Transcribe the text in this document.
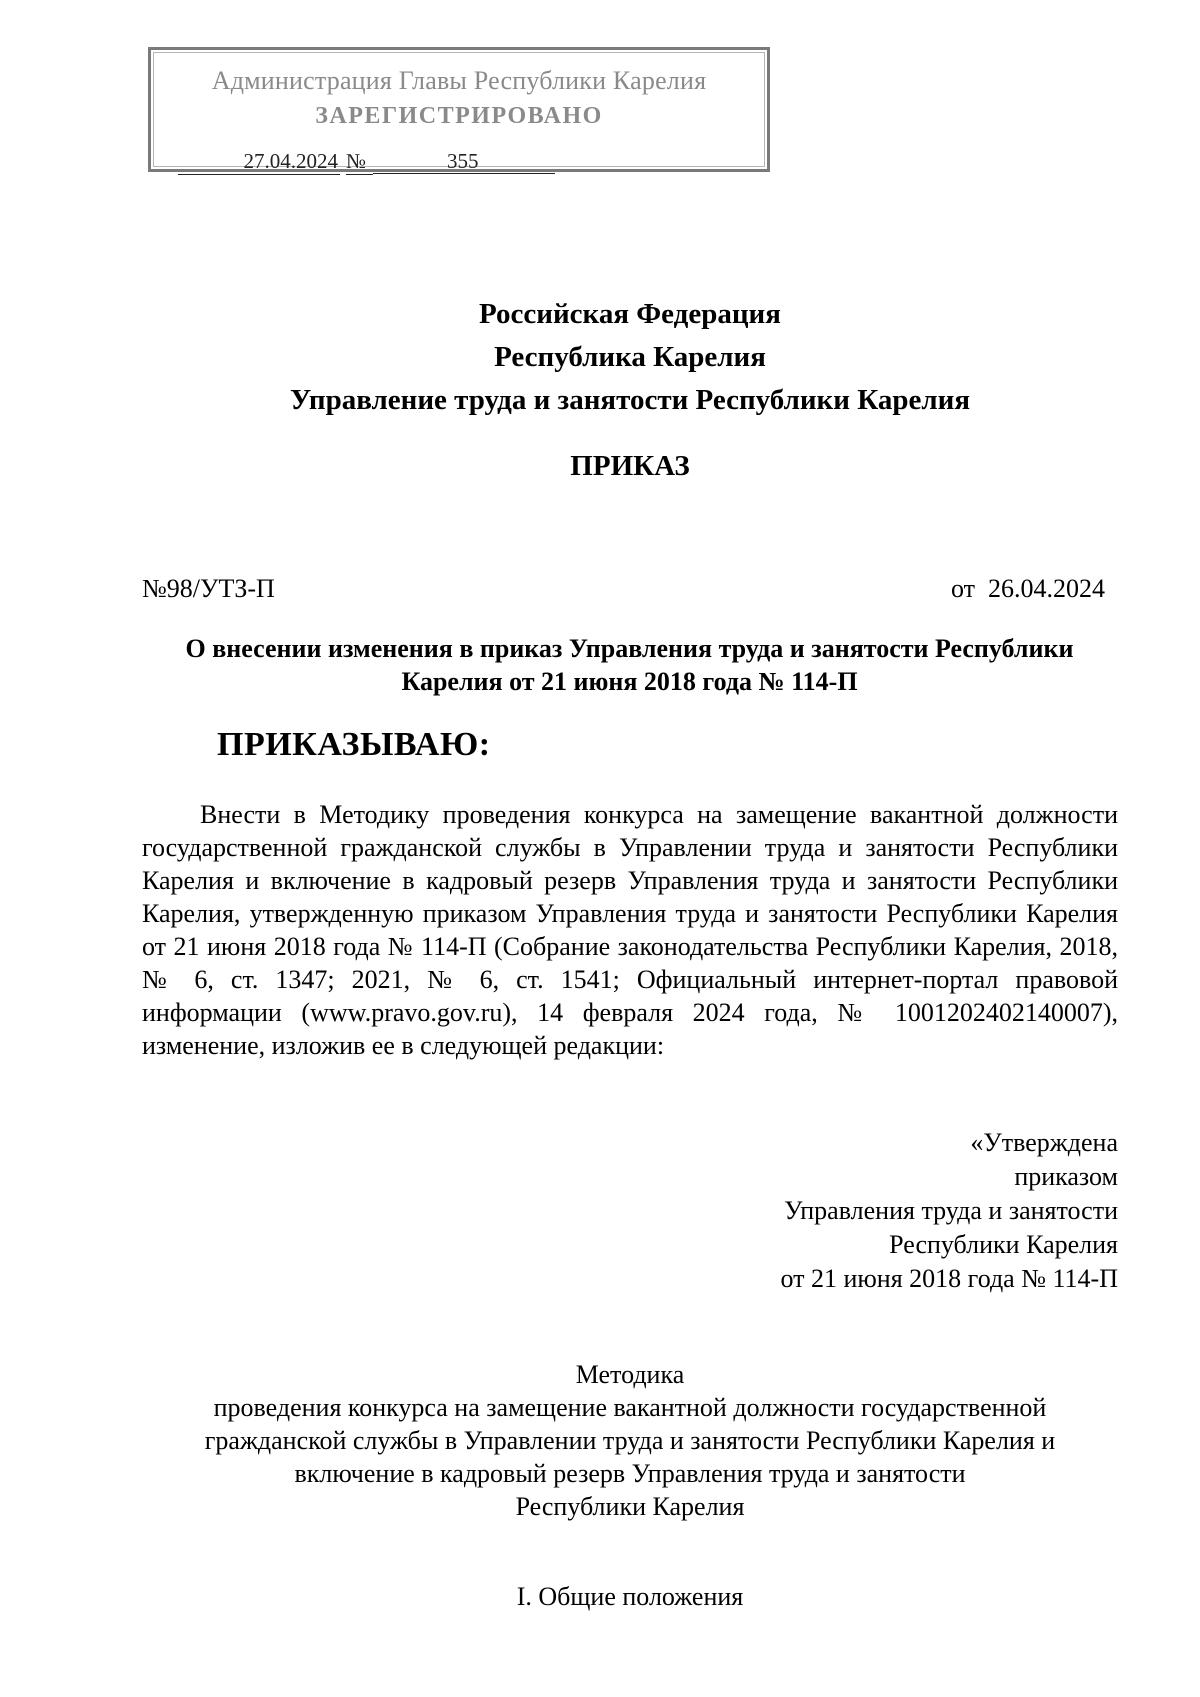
Администрация Главы Республики Карелия
ЗАРЕГИСТРИРОВАНО
27.04.2024 №	355
Российская Федерация
Республика Карелия
Управление труда и занятости Республики Карелия
ПРИКАЗ
№98/УТЗ-П	от 26.04.2024
О внесении изменения в приказ Управления труда и занятости Республики
Карелия от 21 июня 2018 года № 114-П
ПРИКАЗЫВАЮ:

Внести в Методику проведения конкурса на замещение вакантной должности государственной гражданской службы в Управлении труда и занятости Республики Карелия и включение в кадровый резерв Управления труда и занятости Республики Карелия, утвержденную приказом Управления труда и занятости Республики Карелия от 21 июня 2018 года № 114-П (Собрание законодательства Республики Карелия, 2018, № 6, ст. 1347; 2021, № 6, ст. 1541; Официальный интернет-портал правовой информации (www.pravo.gov.ru), 14 февраля 2024 года, № 1001202402140007), изменение, изложив ее в следующей редакции:

«Утверждена
приказом
Управления труда и занятости
Республики Карелия
от 21 июня 2018 года № 114-П
Методика
проведения конкурса на замещение вакантной должности государственной
гражданской службы в Управлении труда и занятости Республики Карелия и
включение в кадровый резерв Управления труда и занятости
Республики Карелия
I. Общие положения
